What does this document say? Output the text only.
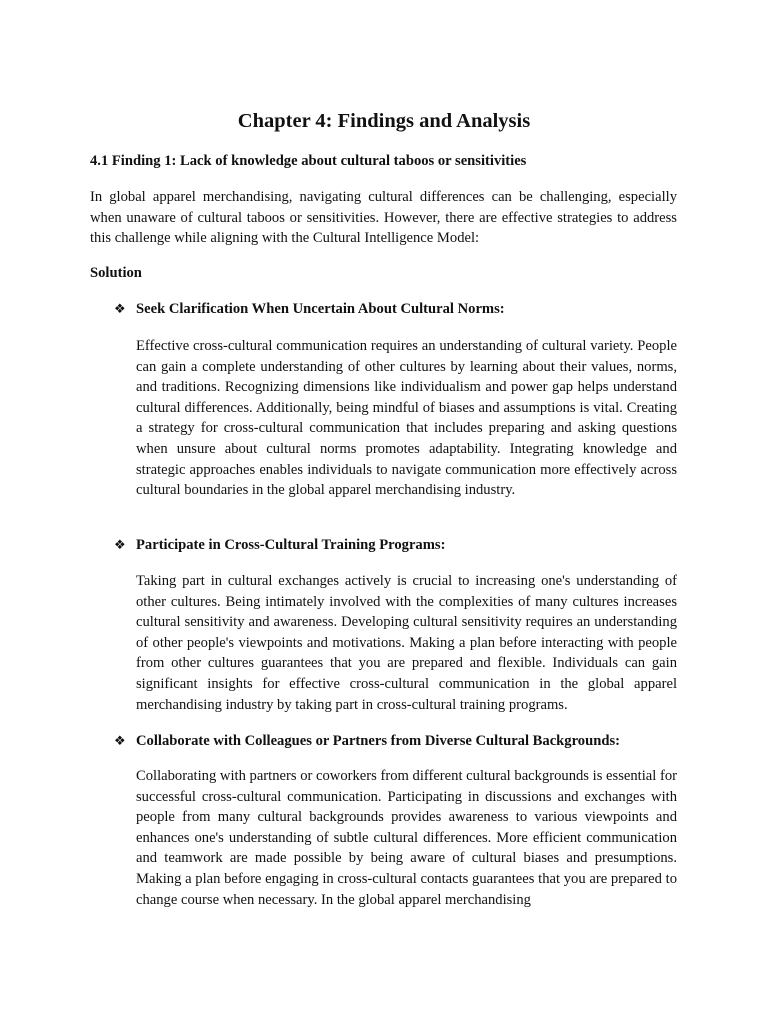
Chapter 4: Findings and Analysis
4.1 Finding 1: Lack of knowledge about cultural taboos or sensitivities

In global apparel merchandising, navigating cultural differences can be challenging, especially when unaware of cultural taboos or sensitivities. However, there are effective strategies to address this challenge while aligning with the Cultural Intelligence Model:

Solution
❖ Seek Clarification When Uncertain About Cultural Norms:

Effective cross-cultural communication requires an understanding of cultural variety. People can gain a complete understanding of other cultures by learning about their values, norms, and traditions. Recognizing dimensions like individualism and power gap helps understand cultural differences. Additionally, being mindful of biases and assumptions is vital. Creating a strategy for cross-cultural communication that includes preparing and asking questions when unsure about cultural norms promotes adaptability. Integrating knowledge and strategic approaches enables individuals to navigate communication more effectively across cultural boundaries in the global apparel merchandising industry.

❖ Participate in Cross-Cultural Training Programs:

Taking part in cultural exchanges actively is crucial to increasing one's understanding of other cultures. Being intimately involved with the complexities of many cultures increases cultural sensitivity and awareness. Developing cultural sensitivity requires an understanding of other people's viewpoints and motivations. Making a plan before interacting with people from other cultures guarantees that you are prepared and flexible. Individuals can gain significant insights for effective cross-cultural communication in the global apparel merchandising industry by taking part in cross-cultural training programs.

❖ Collaborate with Colleagues or Partners from Diverse Cultural Backgrounds:

Collaborating with partners or coworkers from different cultural backgrounds is essential for successful cross-cultural communication. Participating in discussions and exchanges with people from many cultural backgrounds provides awareness to various viewpoints and enhances one's understanding of subtle cultural differences. More efficient communication and teamwork are made possible by being aware of cultural biases and presumptions. Making a plan before engaging in cross-cultural contacts guarantees that you are prepared to change course when necessary. In the global apparel merchandising
